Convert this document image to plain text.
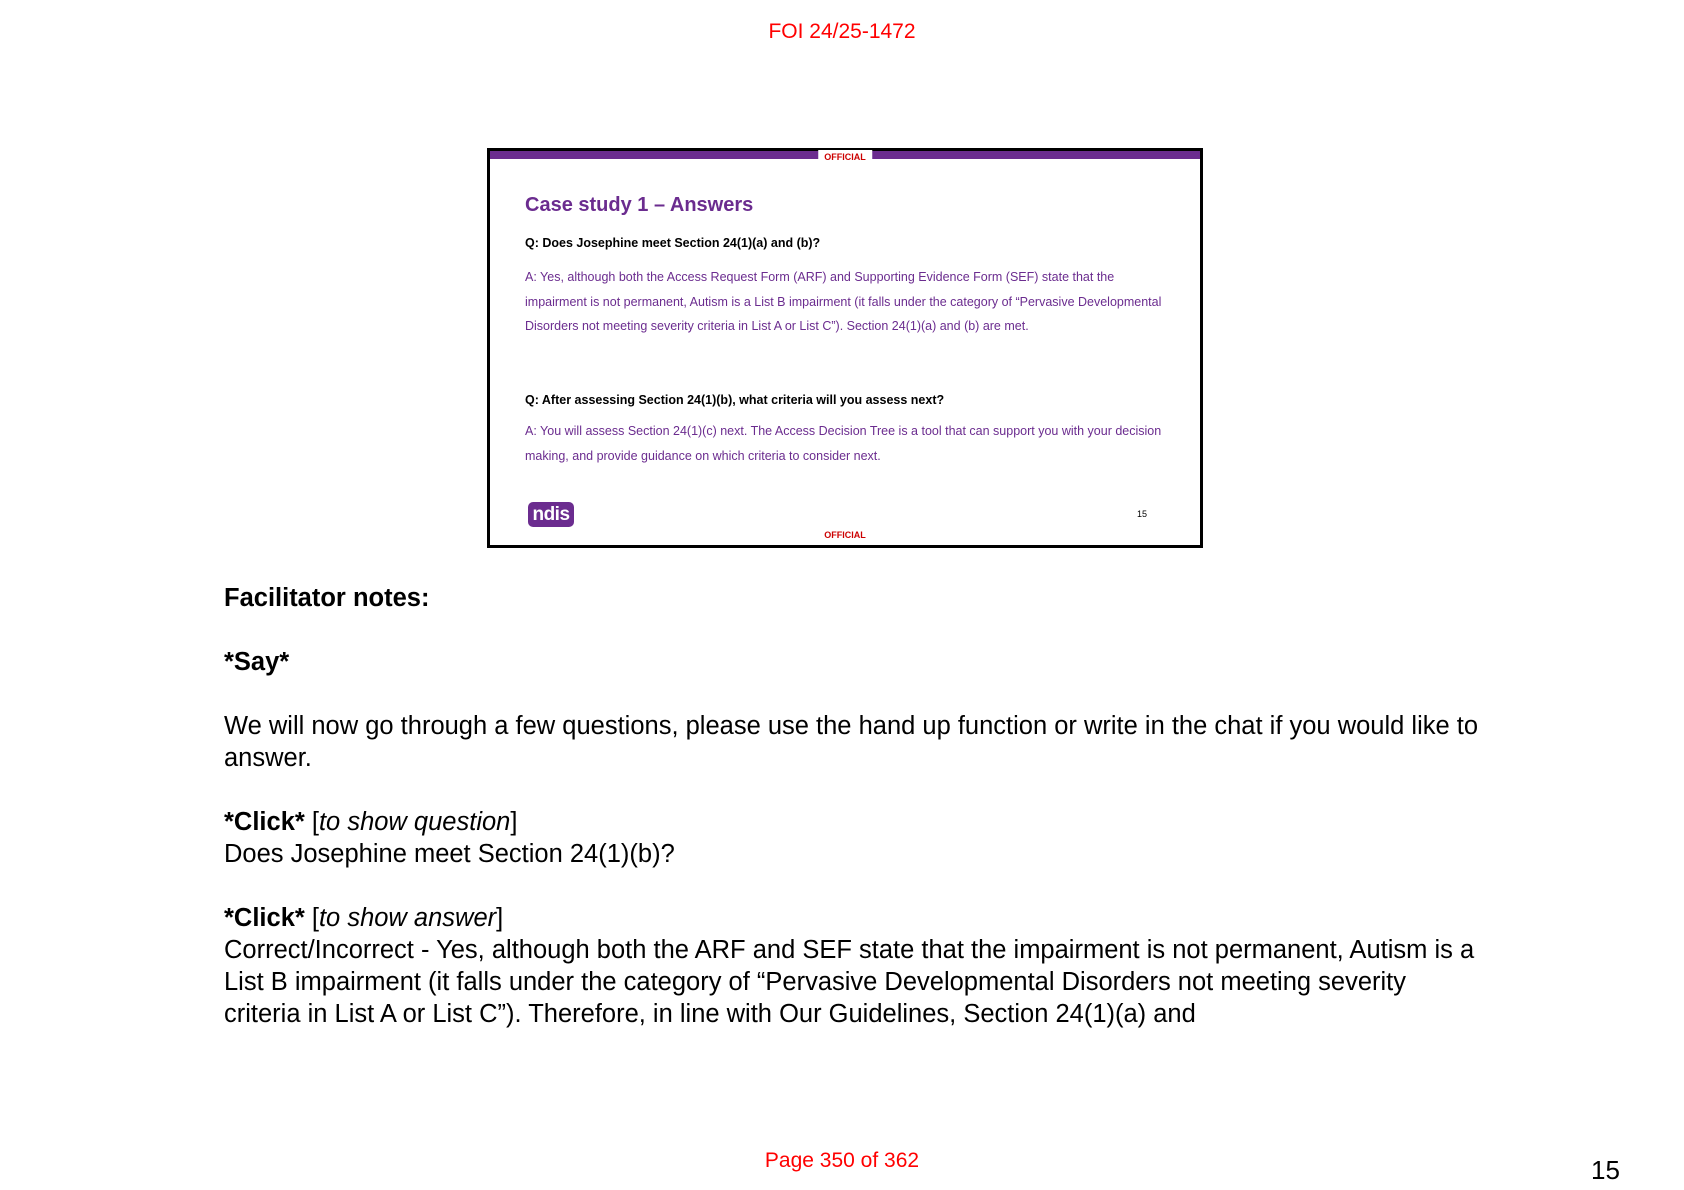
FOI 24/25-1472
OFFICIAL
Case study 1 – Answers
Q: Does Josephine meet Section 24(1)(a) and (b)?
A: Yes, although both the Access Request Form (ARF) and Supporting Evidence Form (SEF) state that the impairment is not permanent, Autism is a List B impairment (it falls under the category of “Pervasive Developmental Disorders not meeting severity criteria in List A or List C”). Section 24(1)(a) and (b) are met.
Q: After assessing Section 24(1)(b), what criteria will you assess next?
A: You will assess Section 24(1)(c) next. The Access Decision Tree is a tool that can support you with your decision making, and provide guidance on which criteria to consider next.
ndis	15
OFFICIAL

Facilitator notes:

*Say*

We will now go through a few questions, please use the hand up function or write in the chat if you would like to answer.

*Click* [to show question]

Does Josephine meet Section 24(1)(b)?

*Click* [to show answer]

Correct/Incorrect - Yes, although both the ARF and SEF state that the impairment is not permanent, Autism is a List B impairment (it falls under the category of “Pervasive Developmental Disorders not meeting severity criteria in List A or List C”). Therefore, in line with Our Guidelines, Section 24(1)(a) and

Page 350 of 362	15
